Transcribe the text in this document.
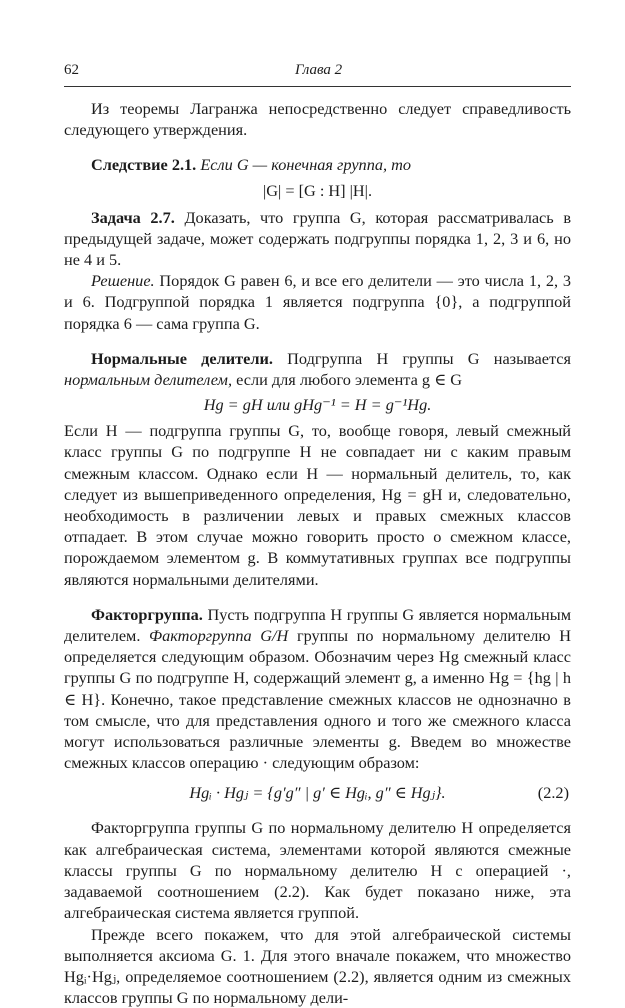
62	Глава 2

Из теоремы Лагранжа непосредственно следует справедливость следующего утверждения.

Следствие 2.1. Если G — конечная группа, то

|G| = [G : H] |H|.

Задача 2.7. Доказать, что группа G, которая рассматривалась в предыдущей задаче, может содержать подгруппы порядка 1, 2, 3 и 6, но не 4 и 5.

Решение. Порядок G равен 6, и все его делители — это числа 1, 2, 3 и 6. Подгруппой порядка 1 является подгруппа {0}, а подгруппой порядка 6 — сама группа G.

Нормальные делители. Подгруппа H группы G называется нормальным делителем, если для любого элемента g ∈ G

Hg = gH или gHg⁻¹ = H = g⁻¹Hg.

Если H — подгруппа группы G, то, вообще говоря, левый смежный класс группы G по подгруппе H не совпадает ни с каким правым смежным классом. Однако если H — нормальный делитель, то, как следует из вышеприведенного определения, Hg = gH и, следовательно, необходимость в различении левых и правых смежных классов отпадает. В этом случае можно говорить просто о смежном классе, порождаемом элементом g. В коммутативных группах все подгруппы являются нормальными делителями.

Факторгруппа. Пусть подгруппа H группы G является нормальным делителем. Факторгруппа G/H группы по нормальному делителю H определяется следующим образом. Обозначим через Hg смежный класс группы G по подгруппе H, содержащий элемент g, а именно Hg = {hg | h ∈ H}. Конечно, такое представление смежных классов не однозначно в том смысле, что для представления одного и того же смежного класса могут использоваться различные элементы g. Введем во множестве смежных классов операцию · следующим образом:

Hgᵢ · Hgⱼ = {g′g″ | g′ ∈ Hgᵢ, g″ ∈ Hgⱼ}.	(2.2)

Факторгруппа группы G по нормальному делителю H определяется как алгебраическая система, элементами которой являются смежные классы группы G по нормальному делителю H с операцией ·, задаваемой соотношением (2.2). Как будет показано ниже, эта алгебраическая система является группой.

Прежде всего покажем, что для этой алгебраической системы выполняется аксиома G. 1. Для этого вначале покажем, что множество Hgᵢ·Hgⱼ, определяемое соотношением (2.2), является одним из смежных классов группы G по нормальному дели-
